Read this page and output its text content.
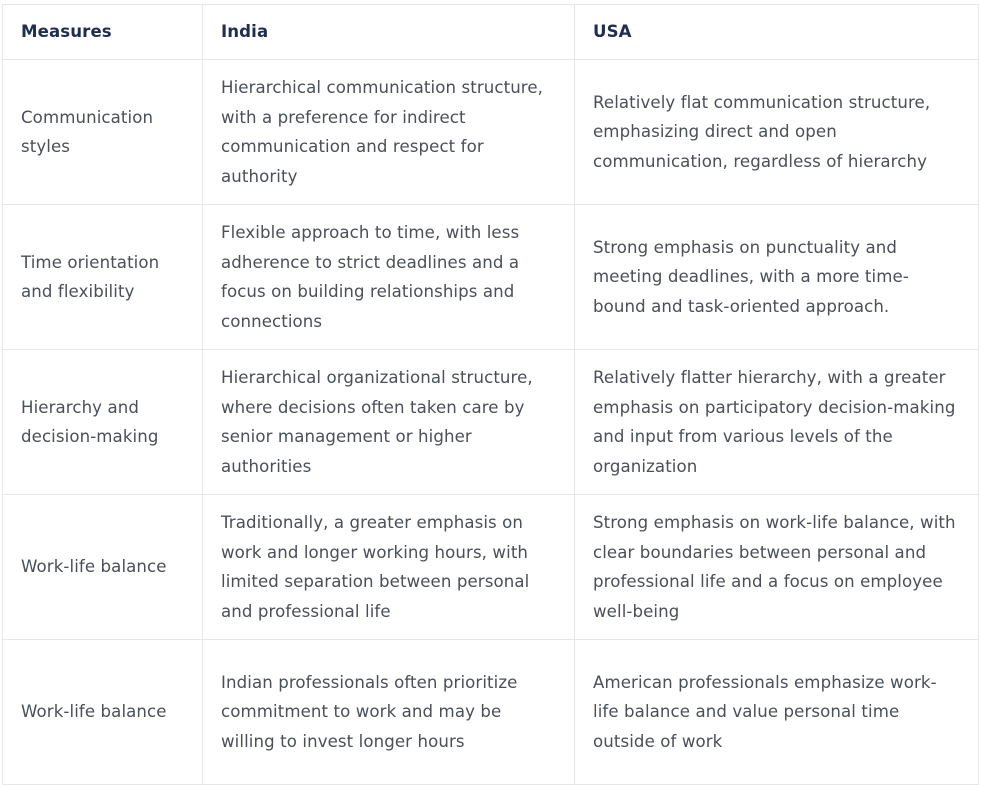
Measures	India	USA
Communication styles	Hierarchical communication structure, with a preference for indirect communication and respect for authority	Relatively flat communication structure, emphasizing direct and open communication, regardless of hierarchy
Time orientation and flexibility	Flexible approach to time, with less adherence to strict deadlines and a focus on building relationships and connections	Strong emphasis on punctuality and meeting deadlines, with a more time-bound and task-oriented approach.
Hierarchy and decision-making	Hierarchical organizational structure, where decisions often taken care by senior management or higher authorities	Relatively flatter hierarchy, with a greater emphasis on participatory decision-making and input from various levels of the organization
Work-life balance	Traditionally, a greater emphasis on work and longer working hours, with limited separation between personal and professional life	Strong emphasis on work-life balance, with clear boundaries between personal and professional life and a focus on employee well-being
Work-life balance	Indian professionals often prioritize commitment to work and may be willing to invest longer hours	American professionals emphasize work-life balance and value personal time outside of work
